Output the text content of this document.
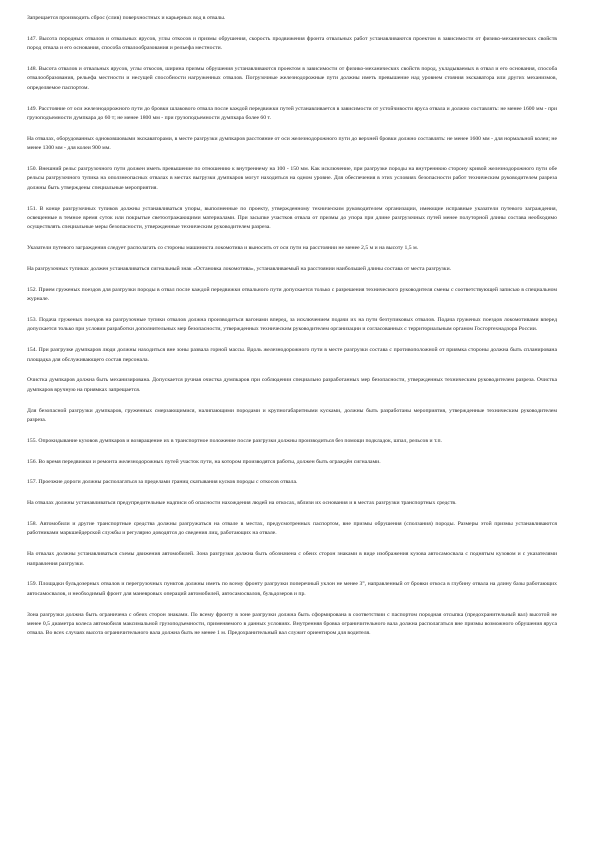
Запрещается производить сброс (слив) поверхностных и карьерных вод в отвалы.

147. Высота породных отвалов и отвальных ярусов, углы откосов и призмы обрушения, скорость продвижения фронта отвальных работ устанавливаются проектом в зависимости от физико-механических свойств пород отвала и его основания, способа отвалообразования и рельефа местности.

148. Высота отвалов и отвальных ярусов, углы откосов, ширина призмы обрушения устанавливаются проектом в зависимости от физико-механических свойств пород, укладываемых в отвал и его основания, способа отвалообразования, рельефа местности и несущей способности нагруженных отвалов. Погрузочные железнодорожные пути должны иметь превышение над уровнем стояния экскаватора или других механизмов, определяемое паспортом.

149. Расстояние от оси железнодорожного пути до бровки шлакового отвала после каждой передвижки путей устанавливается в зависимости от устойчивости яруса отвала и должно составлять: не менее 1600 мм - при грузоподъемности думпкара до 60 т; не менее 1800 мм - при грузоподъемности думпкара более 60 т.

На отвалах, оборудованных одноковшовыми экскаваторами, в месте разгрузки думпкаров расстояние от оси железнодорожного пути до верхней бровки должно составлять: не менее 1600 мм - для нормальной колеи; не менее 1300 мм - для колеи 900 мм.

150. Внешний рельс разгрузочного пути должен иметь превышение по отношению к внутреннему на 100 - 150 мм. Как исключение, при разгрузке породы на внутреннюю сторону кривой железнодорожного пути обе рельсы разгрузочного тупика на оползнеопасных отвалах в местах выгрузки думпкаров могут находиться на одном уровне. Для обеспечения в этих условиях безопасности работ техническим руководителем разреза должны быть утверждены специальные мероприятия.

151. В конце разгрузочных тупиков должны устанавливаться упоры, выполненные по проекту, утвержденному техническим руководителем организации, имеющие исправные указатели путевого заграждения, освещенные в темное время суток или покрытые светоотражающими материалами. При засыпке участков отвала от призмы до упора при длине разгрузочных путей менее полуторной длины состава необходимо осуществлять специальные меры безопасности, утвержденные техническим руководителем разреза.

Указатели путевого заграждения следует располагать со стороны машиниста локомотива и выносить от оси пути на расстоянии не менее 2,5 м и на высоту 1,5 м.

На разгрузочных тупиках должен устанавливаться сигнальный знак «Остановка локомотива», устанавливаемый на расстоянии наибольшей длины состава от места разгрузки.

152. Прием груженых поездов для разгрузки породы в отвал после каждой передвижки отвального пути допускается только с разрешения технического руководителя смены с соответствующей записью в специальном журнале.

153. Подача груженых поездов на разгрузочные тупики отвалов должна производиться вагонами вперед, за исключением подачи их на пути безтупиковых отвалов. Подача груженых поездов локомотивами вперед допускается только при условии разработки дополнительных мер безопасности, утвержденных техническим руководителем организации и согласованных с территориальным органом Госгортехнадзора России.

154. При разгрузке думпкаров люди должны находиться вне зоны развала горной массы. Вдоль железнодорожного пути в месте разгрузки состава с противоположной от приямка стороны должна быть спланирована площадка для обслуживающего состав персонала.

Очистка думпкаров должна быть механизирована. Допускается ручная очистка думпкаров при соблюдении специально разработанных мер безопасности, утвержденных техническим руководителем разреза. Очистка думпкаров вручную на приямках запрещается.

Для безопасной разгрузки думпкаров, груженных смерзающимися, налипающими породами и крупногабаритными кусками, должны быть разработаны мероприятия, утвержденные техническим руководителем разреза.

155. Опрокидывание кузовов думпкаров и возвращение их в транспортное положение после разгрузки должны производиться без помощи подкладок, шпал, рельсов и т.п.

156. Во время передвижки и ремонта железнодорожных путей участок пути, на котором производятся работы, должен быть ограждён сигналами.

157. Проезжие дороги должны располагаться за пределами границ скатывания кусков породы с откосов отвала.

На отвалах должны устанавливаться предупредительные надписи об опасности нахождения людей на откосах, вблизи их основания и в местах разгрузки транспортных средств.

158. Автомобили и другие транспортные средства должны разгружаться на отвале в местах, предусмотренных паспортом, вне призмы обрушения (сползания) породы. Размеры этой призмы устанавливаются работниками маркшейдерской службы и регулярно доводятся до сведения лиц, работающих на отвале.

На отвалах должны устанавливаться схемы движения автомобилей. Зона разгрузки должна быть обозначена с обеих сторон знаками в виде изображения кузова автосамосвала с поднятым кузовом и с указателями направления разгрузки.

159. Площадки бульдозерных отвалов и перегрузочных пунктов должны иметь по всему фронту разгрузки поперечный уклон не менее 3°, направленный от бровки откоса в глубину отвала на длину базы работающих автосамосвалов, и необходимый фронт для маневровых операций автомобилей, автосамосвалов, бульдозеров и пр.

Зона разгрузки должна быть ограничена с обеих сторон знаками. По всему фронту в зоне разгрузки должна быть сформирована в соответствии с паспортом породная отсыпка (предохранительный вал) высотой не менее 0,5 диаметра колеса автомобиля максимальной грузоподъемности, применяемого в данных условиях. Внутренняя бровка ограничительного вала должна располагаться вне призмы возможного обрушения яруса отвала. Во всех случаях высота ограничительного вала должна быть не менее 1 м. Предохранительный вал служит ориентиром для водителя.
